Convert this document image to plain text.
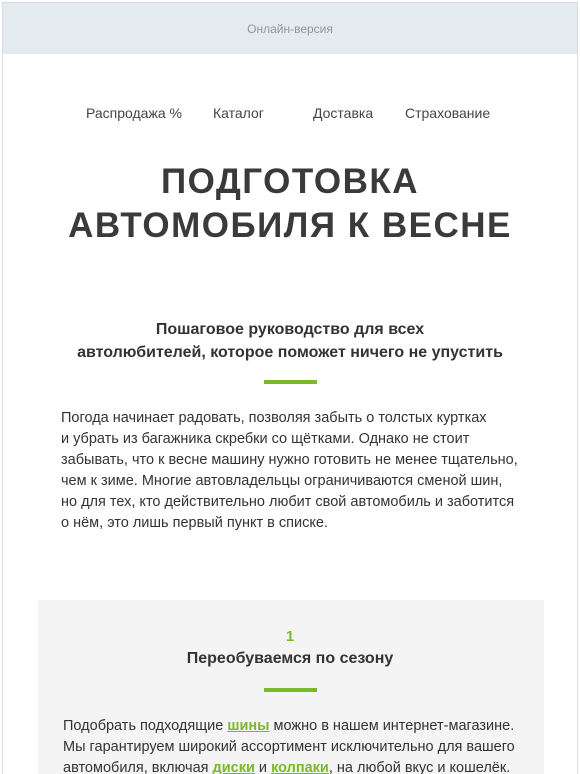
Онлайн-версия
Распродажа % Каталог	Доставка Страхование
ПОДГОТОВКА
АВТОМОБИЛЯ К ВЕСНЕ
Пошаговое руководство для всех
автолюбителей, которое поможет ничего не упустить
Погода начинает радовать, позволяя забыть о толстых куртках
и убрать из багажника скребки со щётками. Однако не стоит
забывать, что к весне машину нужно готовить не менее тщательно,
чем к зиме. Многие автовладельцы ограничиваются сменой шин,
но для тех, кто действительно любит свой автомобиль и заботится
о нём, это лишь первый пункт в списке.
1
Переобуваемся по сезону
Подобрать подходящие шины можно в нашем интернет-магазине.
Мы гарантируем широкий ассортимент исключительно для вашего
автомобиля, включая диски и колпаки, на любой вкус и кошелёк.
